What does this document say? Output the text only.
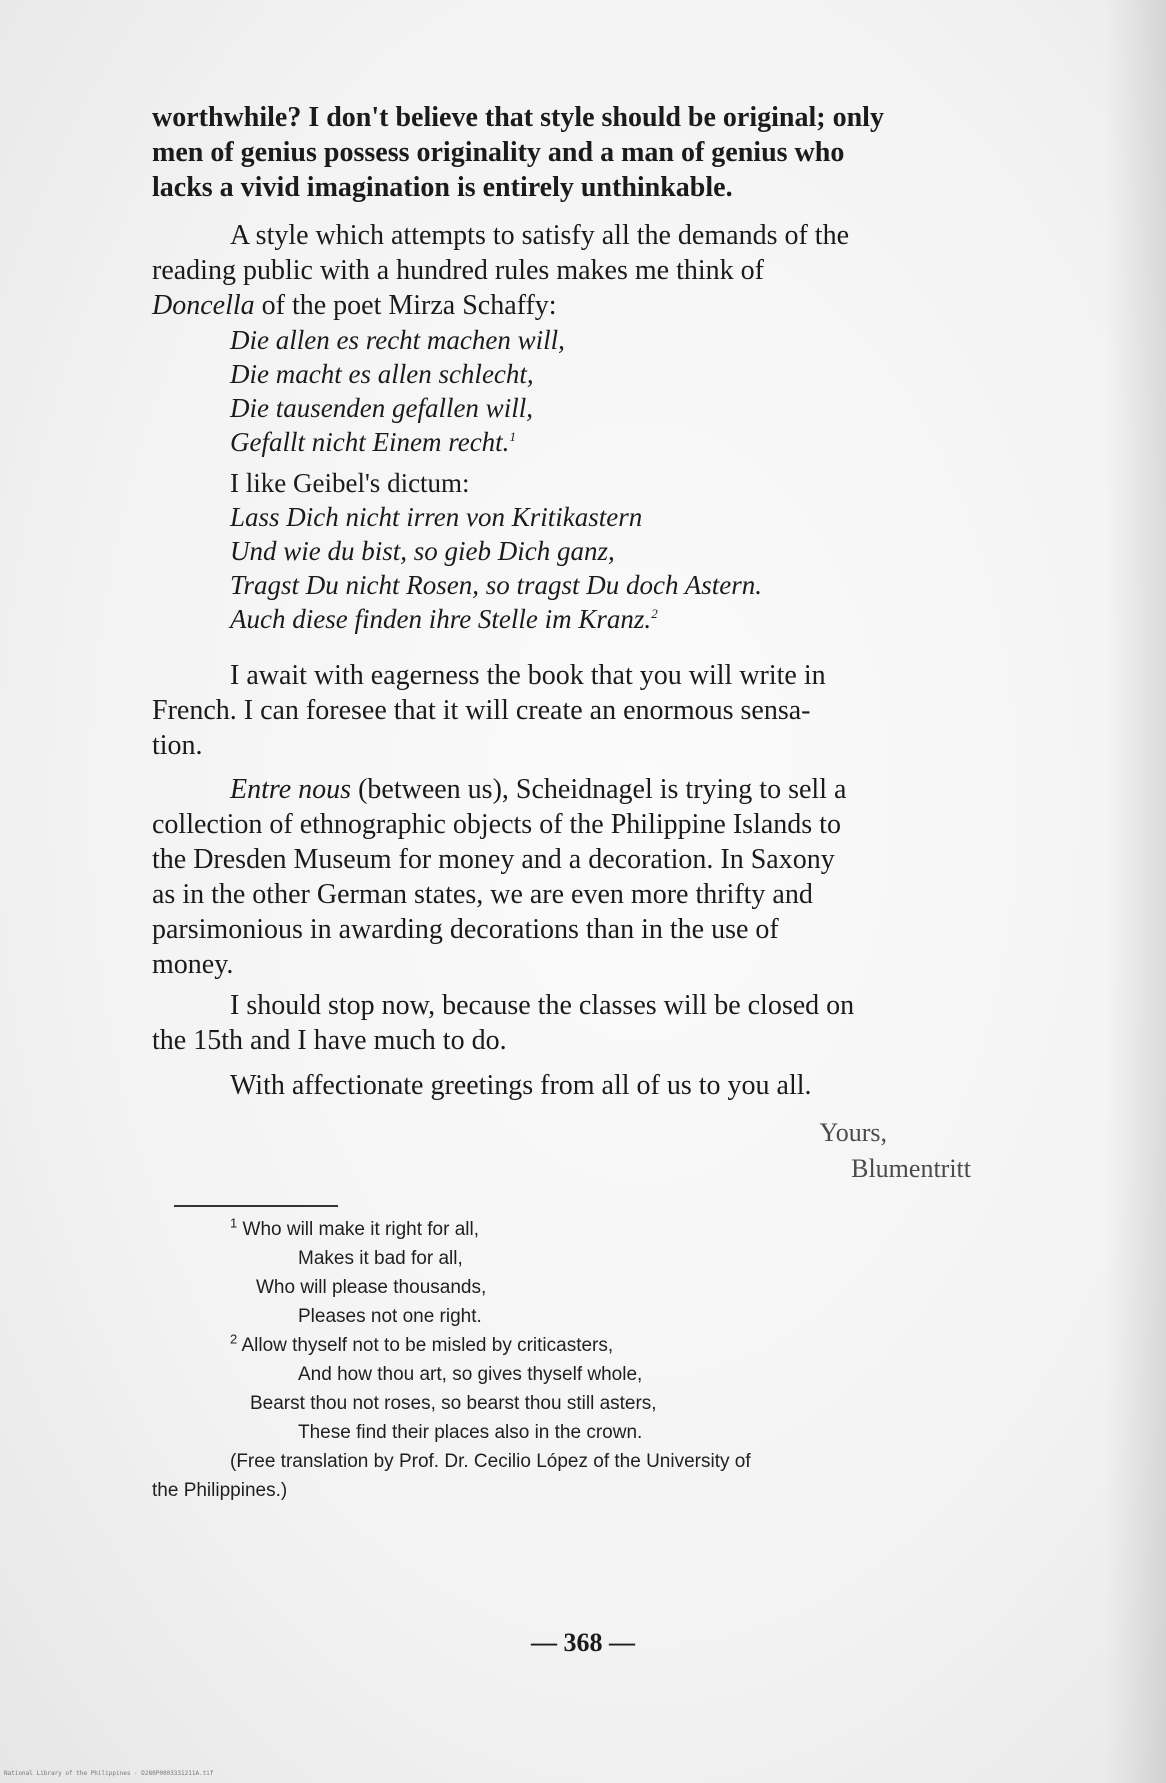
worthwhile? I don't believe that style should be original; only
men of genius possess originality and a man of genius who
lacks a vivid imagination is entirely unthinkable.
A style which attempts to satisfy all the demands of the
reading public with a hundred rules makes me think of
Doncella of the poet Mirza Schaffy:
Die allen es recht machen will,
Die macht es allen schlecht,
Die tausenden gefallen will,
Gefallt nicht Einem recht.$^1$
I like Geibel's dictum:
Lass Dich nicht irren von Kritikastern
Und wie du bist, so gieb Dich ganz,
Tragst Du nicht Rosen, so tragst Du doch Astern.
Auch diese finden ihre Stelle im Kranz.$^2$
I await with eagerness the book that you will write in
French. I can foresee that it will create an enormous sensa-
tion.
Entre nous (between us), Scheidnagel is trying to sell a
collection of ethnographic objects of the Philippine Islands to
the Dresden Museum for money and a decoration. In Saxony
as in the other German states, we are even more thrifty and
parsimonious in awarding decorations than in the use of
money.
I should stop now, because the classes will be closed on
the 15th and I have much to do.
With affectionate greetings from all of us to you all.
Yours,
Blumentritt
$^1$ Who will make it right for all,
Makes it bad for all,
Who will please thousands,
Pleases not one right.
$^2$ Allow thyself not to be misled by criticasters,
And how thou art, so gives thyself whole,
Bearst thou not roses, so bearst thou still asters,
These find their places also in the crown.
(Free translation by Prof. Dr. Cecilio López of the University of
the Philippines.)
— 368 —
National Library of the Philippines · D280P0003331211A.tif
